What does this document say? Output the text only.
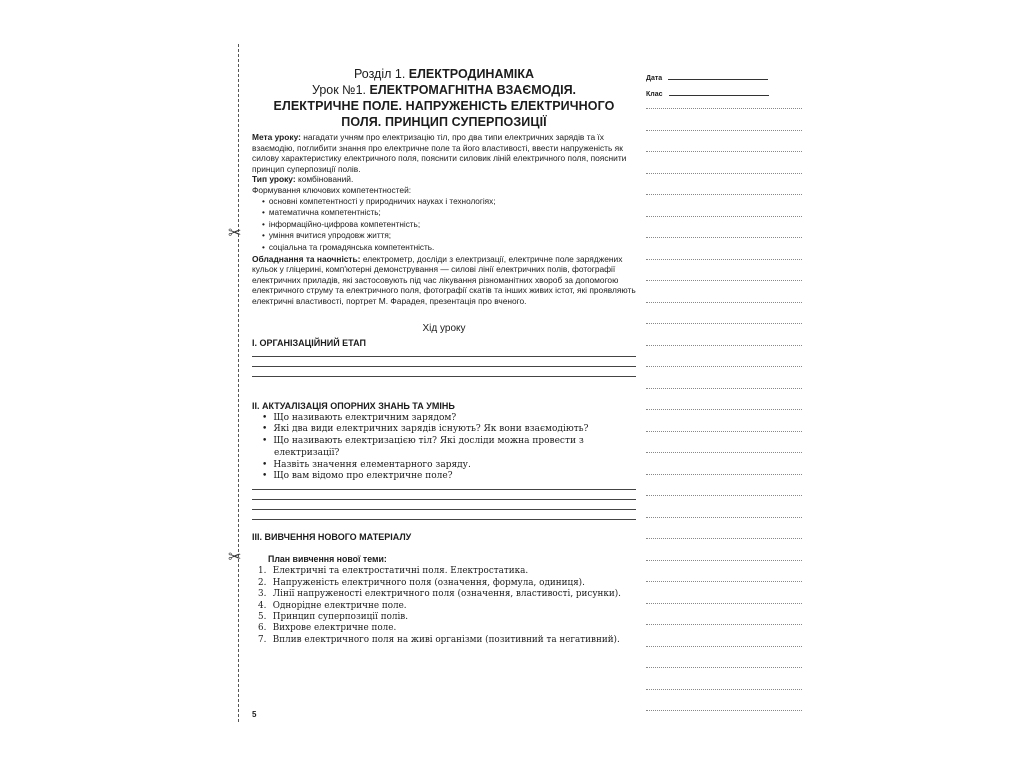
✂
✂
Розділ 1. ЕЛЕКТРОДИНАМІКА
Урок №1. ЕЛЕКТРОМАГНІТНА ВЗАЄМОДІЯ.
ЕЛЕКТРИЧНЕ ПОЛЕ. НАПРУЖЕНІСТЬ ЕЛЕКТРИЧНОГО
ПОЛЯ. ПРИНЦИП СУПЕРПОЗИЦІЇ

Мета уроку: нагадати учням про електризацію тіл, про два типи електричних зарядів та їх взаємодію, поглибити знання про електричне поле та його властивості, ввести напруженість як силову характеристику електричного поля, пояснити силовик ліній електричного поля, пояснити принцип суперпозиції полів.

Тип уроку: комбінований.

Формування ключових компетентностей:

• основні компетентності у природничих науках і технологіях;
• математична компетентність;
• інформаційно-цифрова компетентність;
• уміння вчитися упродовж життя;
• соціальна та громадянська компетентність.

Обладнання та наочність: електрометр, досліди з електризації, електричне поле заряджених кульок у гліцерині, комп'ютерні демонстрування — силові лінії електричних полів, фотографії електричних приладів, які застосовують під час лікування різноманітних хвороб за допомогою електричного струму та електричного поля, фотографії скатів та інших живих істот, які проявляють електричні властивості, портрет М. Фарадея, презентація про вченого.

Хід уроку
І. ОРГАНІЗАЦІЙНИЙ ЕТАП
ІІ. АКТУАЛІЗАЦІЯ ОПОРНИХ ЗНАНЬ ТА УМІНЬ
• Що називають електричним зарядом?
• Які два види електричних зарядів існують? Як вони взаємодіють?
• Що називають електризацією тіл? Які досліди можна провести з електризації?
• Назвіть значення елементарного заряду.
• Що вам відомо про електричне поле?
ІІІ. ВИВЧЕННЯ НОВОГО МАТЕРІАЛУ
План вивчення нової теми:
1. Електричні та електростатичні поля. Електростатика.
2. Напруженість електричного поля (означення, формула, одиниця).
3. Лінії напруженості електричного поля (означення, властивості, рисунки).
4. Однорідне електричне поле.
5. Принцип суперпозиції полів.
6. Вихрове електричне поле.
7. Вплив електричного поля на живі організми (позитивний та негативний).
Дата
Клас
5
